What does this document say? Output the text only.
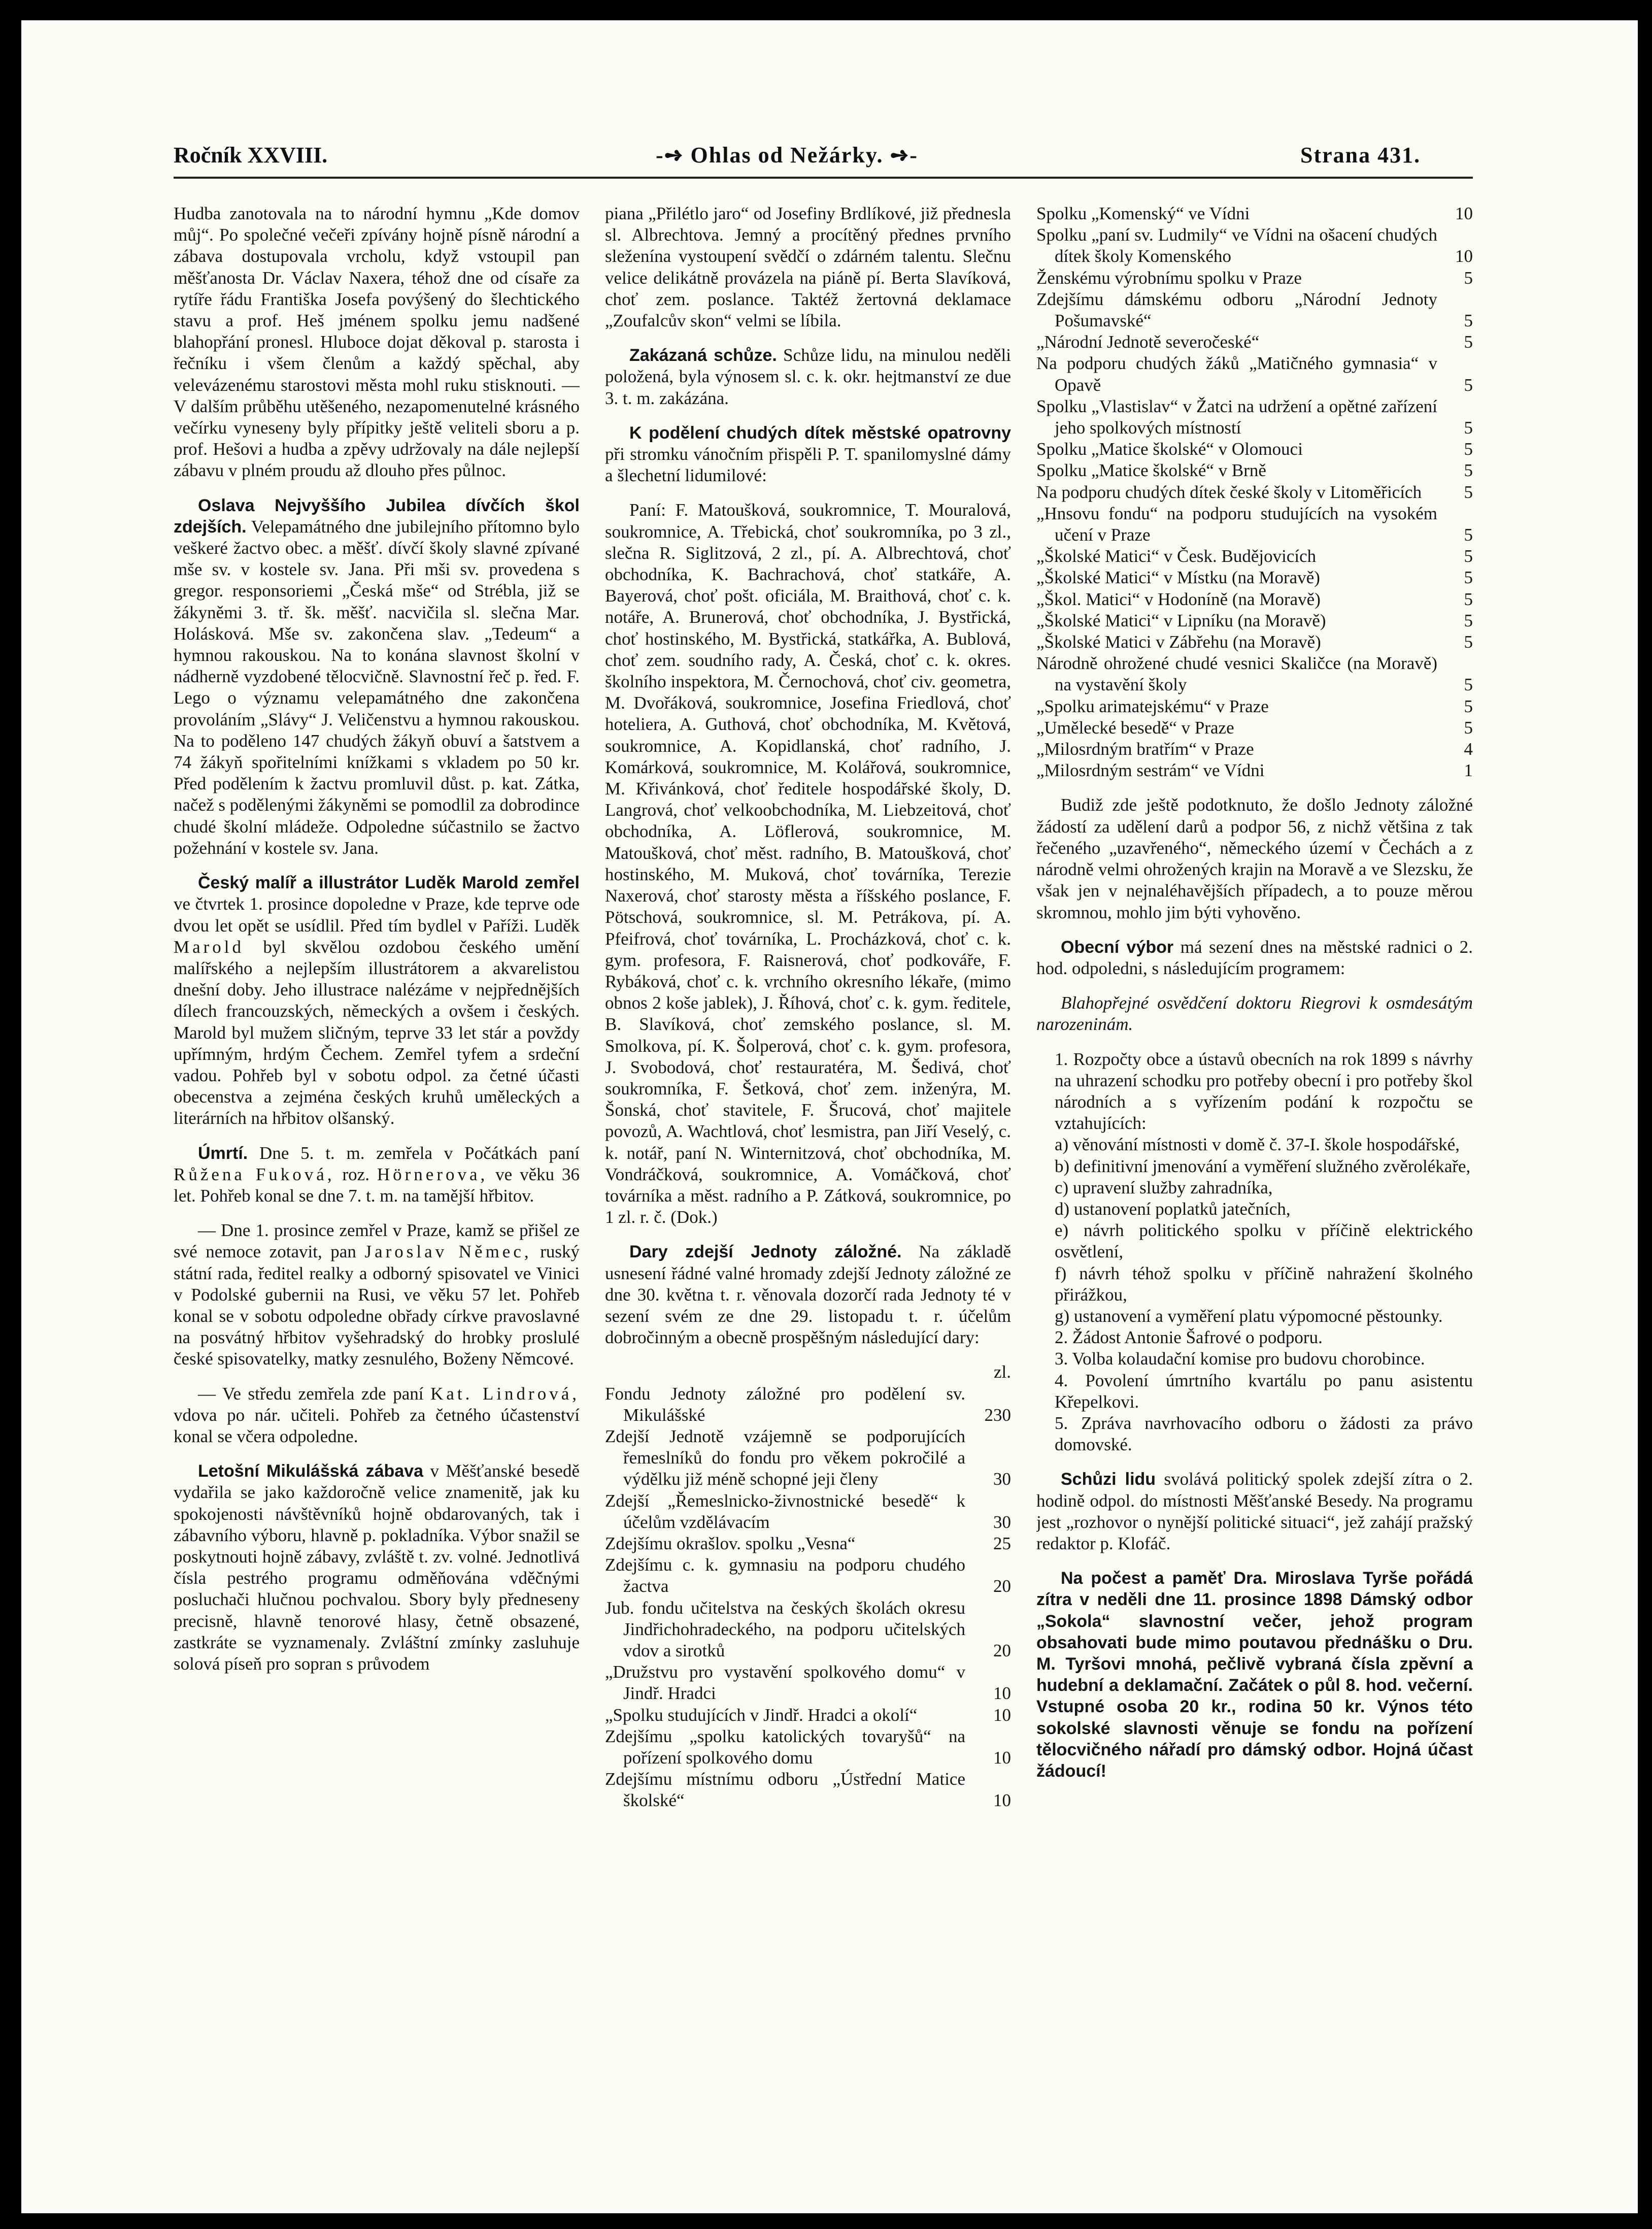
Ročník XXVIII.	-➺ Ohlas od Nežárky. ➺-	Strana 431.

Hudba zanotovala na to národní hymnu „Kde domov můj“. Po společné večeři zpívány hojně písně národní a zábava dostupovala vrcholu, když vstoupil pan měšťanosta Dr. Václav Naxera, téhož dne od císaře za rytíře řádu Františka Josefa povýšený do šlechtického stavu a prof. Heš jménem spolku jemu nadšené blahopřání pronesl. Hluboce dojat děkoval p. starosta i řečníku i všem členům a každý spěchal, aby velevázenému starostovi města mohl ruku stisknouti. — V dalším průběhu utěšeného, nezapomenutelné krásného večírku vyneseny byly přípitky ještě veliteli sboru a p. prof. Hešovi a hudba a zpěvy udržovaly na dále nejlepší zábavu v plném proudu až dlouho přes půlnoc.

Oslava Nejvyššího Jubilea dívčích škol zdejších. Velepamátného dne jubilejního přítomno bylo veškeré žactvo obec. a měšť. dívčí školy slavné zpívané mše sv. v kostele sv. Jana. Při mši sv. provedena s gregor. responsoriemi „Česká mše“ od Stréblа, již se žákyněmi 3. tř. šk. měšť. nacvičila sl. slečna Mar. Holásková. Mše sv. zakončena slav. „Tedeum“ a hymnou rakouskou. Na to konána slavnost školní v nádherně vyzdobené tělocvičně. Slavnostní řeč p. řed. F. Lego o významu velepamátného dne zakončena provoláním „Slávy“ J. Veličenstvu a hymnou rakouskou. Na to poděleno 147 chudých žákyň obuví a šatstvem a 74 žákyň spořitelními knížkami s vkladem po 50 kr. Před podělením k žactvu promluvil důst. p. kat. Zátka, načež s podělenými žákyněmi se pomodlil za dobrodince chudé školní mládeže. Odpoledne súčastnilo se žactvo požehnání v kostele sv. Jana.

Český malíř a illustrátor Luděk Marold zemřel ve čtvrtek 1. prosince dopoledne v Praze, kde teprve ode dvou let opět se usídlil. Před tím bydlel v Paříži. Luděk Marold byl skvělou ozdobou českého umění malířského a nejlepším illustrátorem a akvarelistou dnešní doby. Jeho illustrace nalézáme v nejpřednějších dílech francouzských, německých a ovšem i českých. Marold byl mužem sličným, teprve 33 let stár a povždy upřímným, hrdým Čechem. Zemřel tyfem a srdeční vadou. Pohřeb byl v sobotu odpol. za četné účasti obecenstva a zejména českých kruhů uměleckých a literárních na hřbitov olšanský.

Úmrtí. Dne 5. t. m. zemřela v Počátkách paní Růžena Fuková, roz. Hörnerova, ve věku 36 let. Pohřeb konal se dne 7. t. m. na tamější hřbitov.

— Dne 1. prosince zemřel v Praze, kamž se přišel ze své nemoce zotavit, pan Jaroslav Němec, ruský státní rada, ředitel realky a odborný spisovatel ve Vinici v Podolské gubernii na Rusi, ve věku 57 let. Pohřeb konal se v sobotu odpoledne obřady církve pravoslavné na posvátný hřbitov vyšehradský do hrobky proslulé české spisovatelky, matky zesnulého, Boženy Němcové.

— Ve středu zemřela zde paní Kat. Lindrová, vdova po nár. učiteli. Pohřeb za četného účastenství konal se včera odpoledne.

Letošní Mikulášská zábava v Měšťanské besedě vydařila se jako každoročně velice znamenitě, jak ku spokojenosti návštěvníků hojně obdarovaných, tak i zábavního výboru, hlavně p. pokladníka. Výbor snažil se poskytnouti hojně zábavy, zvláště t. zv. volné. Jednotlivá čísla pestrého programu odměňována vděčnými posluchači hlučnou pochvalou. Sbory byly předneseny precisně, hlavně tenorové hlasy, četně obsazené, zastkráte se vyznamenaly. Zvláštní zmínky zasluhuje solová píseň pro sopran s průvodem

piana „Přilétlo jaro“ od Josefiny Brdlíkové, již přednesla sl. Albrechtova. Jemný a procítěný přednes prvního sleženína vystoupení svědčí o zdárném talentu. Slečnu velice delikátně provázela na piáně pí. Berta Slavíková, choť zem. poslance. Taktéž žertovná deklamace „Zoufalcův skon“ velmi se líbila.

Zakázaná schůze. Schůze lidu, na minulou neděli položená, byla výnosem sl. c. k. okr. hejtmanství ze due 3. t. m. zakázána.

K podělení chudých dítek městské opatrovny při stromku vánočním přispěli P. T. spanilomyslné dámy a šlechetní lidumilové:

Paní: F. Matoušková, soukromnice, T. Mouralová, soukromnice, A. Třebická, choť soukromníka, po 3 zl., slečna R. Siglitzová, 2 zl., pí. A. Albrechtová, choť obchodníka, K. Bachrachová, choť statkáře, A. Bayerová, choť pošt. oficiála, M. Braithová, choť c. k. notáře, A. Brunerová, choť obchodníka, J. Bystřická, choť hostinského, M. Bystřická, statkářka, A. Bublová, choť zem. soudního rady, A. Česká, choť c. k. okres. školního inspektora, M. Černochová, choť civ. geometra, M. Dvořáková, soukromnice, Josefina Friedlová, choť hoteliera, A. Guthová, choť obchodníka, M. Květová, soukromnice, A. Kopidlanská, choť radního, J. Komárková, soukromnice, M. Kolářová, soukromnice, M. Křivánková, choť ředitele hospodářské školy, D. Langrová, choť velkoobchodníka, M. Liebzeitová, choť obchodníka, A. Löflerová, soukromnice, M. Matoušková, choť měst. radního, B. Matoušková, choť hostinského, M. Muková, choť továrníka, Terezie Naxerová, choť starosty města a říšského poslance, F. Pötschová, soukromnice, sl. M. Petrákova, pí. A. Pfeifrová, choť továrníka, L. Procházková, choť c. k. gym. profesora, F. Raisnerová, choť podkováře, F. Rybáková, choť c. k. vrchního okresního lékaře, (mimo obnos 2 koše jablek), J. Říhová, choť c. k. gym. ředitele, B. Slavíková, choť zemského poslance, sl. M. Smolkova, pí. K. Šolperová, choť c. k. gym. profesora, J. Svobodová, choť restauratéra, M. Šedivá, choť soukromníka, F. Šetková, choť zem. inženýra, M. Šonská, choť stavitele, F. Šrucová, choť majitele povozů, A. Wachtlová, choť lesmistra, pan Jiří Veselý, c. k. notář, paní N. Winternitzová, choť obchodníka, M. Vondráčková, soukromnice, A. Vomáčková, choť továrníka a měst. radního a P. Zátková, soukromnice, po 1 zl. r. č. (Dok.)

Dary zdejší Jednoty záložné. Na základě usnesení řádné valné hromady zdejší Jednoty záložné ze dne 30. května t. r. věnovala dozorčí rada Jednoty té v sezení svém ze dne 29. listopadu t. r. účelům dobročinným a obecně prospěšným následující dary:

zl.
Fondu Jednoty záložné pro podělení sv. Mikulášské	230
Zdejší Jednotě vzájemně se podporujících řemeslníků do fondu pro věkem pokročilé a výdělku již méně schopné jeji členy	30
Zdejší „Řemeslnicko-živnostnické besedě“ k účelům vzdělávacím	30
Zdejšímu okrašlov. spolku „Vesna“	25
Zdejšímu c. k. gymnasiu na podporu chudého žactva	20
Jub. fondu učitelstva na českých školách okresu Jindřichohradeckého, na podporu učitelských vdov a sirotků	20
„Družstvu pro vystavění spolkového domu“ v Jindř. Hradci	10
„Spolku studujících v Jindř. Hradci a okolí“	10
Zdejšímu „spolku katolických tovaryšů“ na pořízení spolkového domu	10
Zdejšímu místnímu odboru „Ústřední Matice školské“	10
Spolku „Komenský“ ve Vídni	10
Spolku „paní sv. Ludmily“ ve Vídni na ošacení chudých dítek školy Komenského	10
Ženskému výrobnímu spolku v Praze	5
Zdejšímu dámskému odboru „Národní Jednoty Pošumavské“	5
„Národní Jednotě severočeské“	5
Na podporu chudých žáků „Matičného gymnasia“ v Opavě	5
Spolku „Vlastislav“ v Žatci na udržení a opětné zařízení jeho spolkových místností	5
Spolku „Matice školské“ v Olomouci	5
Spolku „Matice školské“ v Brně	5
Na podporu chudých dítek české školy v Litoměřicích	5
„Hnsovu fondu“ na podporu studujících na vysokém učení v Praze	5
„Školské Matici“ v Česk. Budějovicích	5
„Školské Matici“ v Místku (na Moravě)	5
„Škol. Matici“ v Hodoníně (na Moravě)	5
„Školské Matici“ v Lipníku (na Moravě)	5
„Školské Matici v Zábřehu (na Moravě)	5
Národně ohrožené chudé vesnici Skaličce (na Moravě) na vystavění školy	5
„Spolku arimatejskému“ v Praze	5
„Umělecké besedě“ v Praze	5
„Milosrdným bratřím“ v Praze	4
„Milosrdným sestrám“ ve Vídni	1

Budiž zde ještě podotknuto, že došlo Jednoty záložné žádostí za udělení darů a podpor 56, z nichž většina z tak řečeného „uzavřeného“, německého území v Čechách a z národně velmi ohrožených krajin na Moravě a ve Slezsku, že však jen v nejnaléhavějších případech, a to pouze měrou skromnou, mohlo jim býti vyhověno.

Obecní výbor má sezení dnes na městské radnici o 2. hod. odpoledni, s následujícím programem:

Blahopřejné osvědčení doktoru Riegrovi k osmdesátým narozeninám.

1. Rozpočty obce a ústavů obecních na rok 1899 s návrhy na uhrazení schodku pro potřeby obecní i pro potřeby škol národních a s vyřízením podání k rozpočtu se vztahujících:
a) věnování místnosti v domě č. 37-I. škole hospodářské,
b) definitivní jmenování a vyměření služného zvěrolékaře,
c) upravení služby zahradníka,
d) ustanovení poplatků jatečních,
e) návrh politického spolku v příčině elektrického osvětlení,
f) návrh téhož spolku v příčině nahražení školného přirážkou,
g) ustanovení a vyměření platu výpomocné pěstounky.
2. Žádost Antonie Šafrové o podporu.
3. Volba kolaudační komise pro budovu chorobince.
4. Povolení úmrtního kvartálu po panu asistentu Křepelkovi.
5. Zpráva navrhovacího odboru o žádosti za právo domovské.

Schůzi lidu svolává politický spolek zdejší zítra o 2. hodině odpol. do místnosti Měšťanské Besedy. Na programu jest „rozhovor o nynější politické situaci“, jež zahájí pražský redaktor p. Klofáč.

Na počest a paměť Dra. Miroslava Tyrše pořádá zítra v neděli dne 11. prosince 1898 Dámský odbor „Sokola“ slavnostní večer, jehož program obsahovati bude mimo poutavou přednášku o Dru. M. Tyršovi mnohá, pečlivě vybraná čísla zpěvní a hudební a deklamační. Začátek o půl 8. hod. večerní. Vstupné osoba 20 kr., rodina 50 kr. Výnos této sokolské slavnosti věnuje se fondu na pořízení tělocvičného nářadí pro dámský odbor. Hojná účast žádoucí!
